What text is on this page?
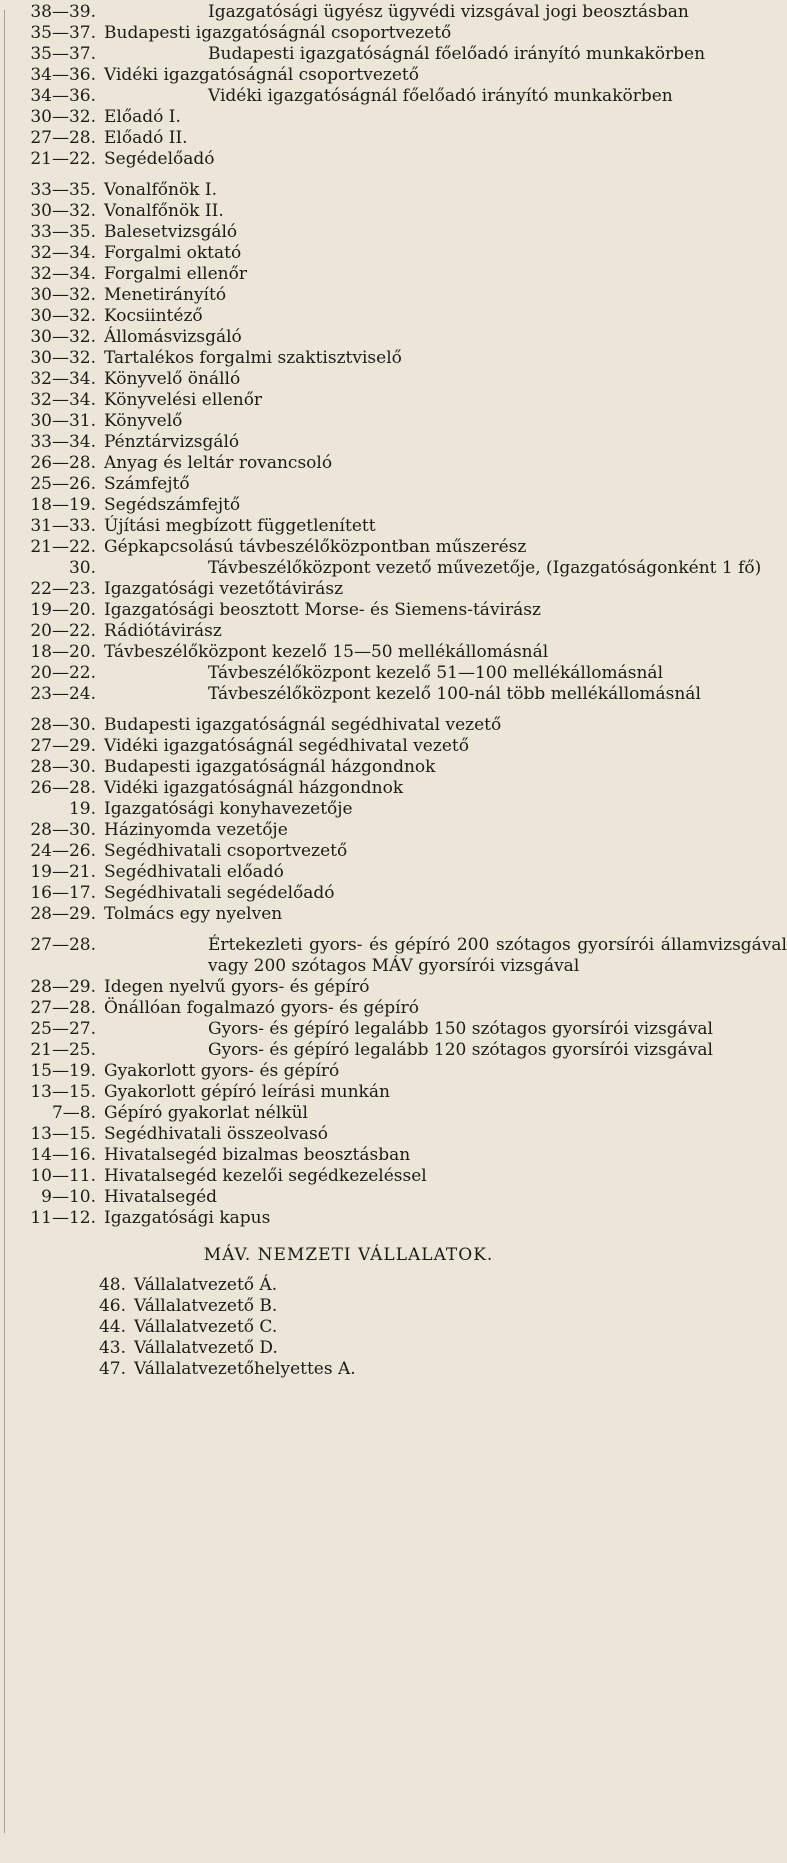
38—39.	Igazgatósági ügyész ügyvédi vizsgával jogi beosztásban
35—37. Budapesti igazgatóságnál csoportvezető
35—37.	Budapesti igazgatóságnál főelőadó irányító munkakörben
34—36. Vidéki igazgatóságnál csoportvezető
34—36.	Vidéki igazgatóságnál főelőadó irányító munkakörben
30—32. Előadó I.
27—28. Előadó II.
21—22. Segédelőadó
33—35. Vonalfőnök I.
30—32. Vonalfőnök II.
33—35. Balesetvizsgáló
32—34. Forgalmi oktató
32—34. Forgalmi ellenőr
30—32. Menetirányító
30—32. Kocsiintéző
30—32. Állomásvizsgáló
30—32. Tartalékos forgalmi szaktisztviselő
32—34. Könyvelő önálló
32—34. Könyvelési ellenőr
30—31. Könyvelő
33—34. Pénztárvizsgáló
26—28. Anyag és leltár rovancsoló
25—26. Számfejtő
18—19. Segédszámfejtő
31—33. Újítási megbízott függetlenített
21—22. Gépkapcsolású távbeszélőközpontban műszerész
30.	Távbeszélőközpont vezető művezetője, (Igazgatóságonként 1 fő)
22—23. Igazgatósági vezetőtávirász
19—20. Igazgatósági beosztott Morse- és Siemens-távirász
20—22. Rádiótávirász
18—20. Távbeszélőközpont kezelő 15—50 mellékállomásnál
20—22.	Távbeszélőközpont kezelő 51—100 mellékállomásnál
23—24.	Távbeszélőközpont kezelő 100-nál több mellékállomásnál
28—30. Budapesti igazgatóságnál segédhivatal vezető
27—29. Vidéki igazgatóságnál segédhivatal vezető
28—30. Budapesti igazgatóságnál házgondnok
26—28. Vidéki igazgatóságnál házgondnok
19. Igazgatósági konyhavezetője
28—30. Házinyomda vezetője
24—26. Segédhivatali csoportvezető
19—21. Segédhivatali előadó
16—17. Segédhivatali segédelőadó
28—29. Tolmács egy nyelven
27—28.	Értekezleti gyors- és gépíró 200 szótagos gyorsírói államvizsgával vagy 200 szótagos MÁV gyorsírói vizsgával
28—29. Idegen nyelvű gyors- és gépíró
27—28. Önállóan fogalmazó gyors- és gépíró
25—27.	Gyors- és gépíró legalább 150 szótagos gyorsírói vizsgával
21—25.	Gyors- és gépíró legalább 120 szótagos gyorsírói vizsgával
15—19. Gyakorlott gyors- és gépíró
13—15. Gyakorlott gépíró leírási munkán
7—8. Gépíró gyakorlat nélkül
13—15. Segédhivatali összeolvasó
14—16. Hivatalsegéd bizalmas beosztásban
10—11. Hivatalsegéd kezelői segédkezeléssel
9—10. Hivatalsegéd
11—12. Igazgatósági kapus
MÁV. NEMZETI VÁLLALATOK.
48. Vállalatvezető Á.
46. Vállalatvezető B.
44. Vállalatvezető C.
43. Vállalatvezető D.
47. Vállalatvezetőhelyettes A.
